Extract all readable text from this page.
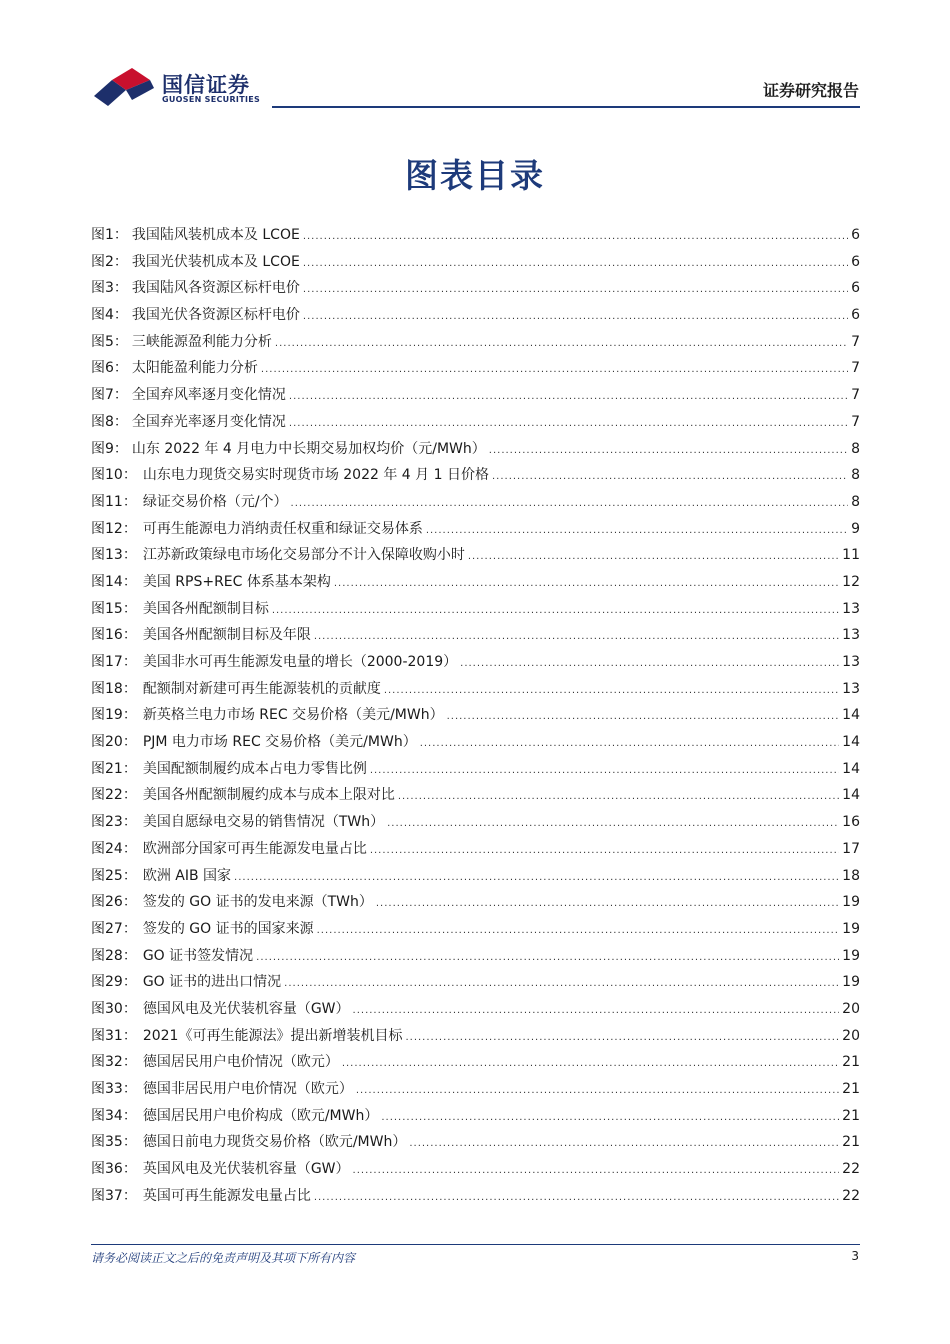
国信证券
GUOSEN SECURITIES	证券研究报告
图表目录
图1： 我国陆风装机成本及 LCOE .....	6
图2： 我国光伏装机成本及 LCOE .....	6
图3： 我国陆风各资源区标杆电价 .....	6
图4： 我国光伏各资源区标杆电价 .....	6
图5： 三峡能源盈利能力分析 .....	7
图6： 太阳能盈利能力分析 .....	7
图7： 全国弃风率逐月变化情况 .....	7
图8： 全国弃光率逐月变化情况 .....	7
图9： 山东 2022 年 4 月电力中长期交易加权均价（元/MWh） .....	8
图10： 山东电力现货交易实时现货市场 2022 年 4 月 1 日价格 .....	8
图11： 绿证交易价格（元/个） .....	8
图12： 可再生能源电力消纳责任权重和绿证交易体系 .....	9
图13： 江苏新政策绿电市场化交易部分不计入保障收购小时 .....	11
图14： 美国 RPS+REC 体系基本架构 .....	12
图15： 美国各州配额制目标 .....	13
图16： 美国各州配额制目标及年限 .....	13
图17： 美国非水可再生能源发电量的增长（2000-2019） .....	13
图18： 配额制对新建可再生能源装机的贡献度 .....	13
图19： 新英格兰电力市场 REC 交易价格（美元/MWh） .....	14
图20： PJM 电力市场 REC 交易价格（美元/MWh） .....	14
图21： 美国配额制履约成本占电力零售比例 .....	14
图22： 美国各州配额制履约成本与成本上限对比 .....	14
图23： 美国自愿绿电交易的销售情况（TWh） .....	16
图24： 欧洲部分国家可再生能源发电量占比 .....	17
图25： 欧洲 AIB 国家 .....	18
图26： 签发的 GO 证书的发电来源（TWh） .....	19
图27： 签发的 GO 证书的国家来源 .....	19
图28： GO 证书签发情况 .....	19
图29： GO 证书的进出口情况 .....	19
图30： 德国风电及光伏装机容量（GW） .....	20
图31： 2021《可再生能源法》提出新增装机目标 .....	20
图32： 德国居民用户电价情况（欧元） .....	21
图33： 德国非居民用户电价情况（欧元） .....	21
图34： 德国居民用户电价构成（欧元/MWh） .....	21
图35： 德国日前电力现货交易价格（欧元/MWh） .....	21
图36： 英国风电及光伏装机容量（GW） .....	22
图37： 英国可再生能源发电量占比 .....	22
请务必阅读正文之后的免责声明及其项下所有内容	3
